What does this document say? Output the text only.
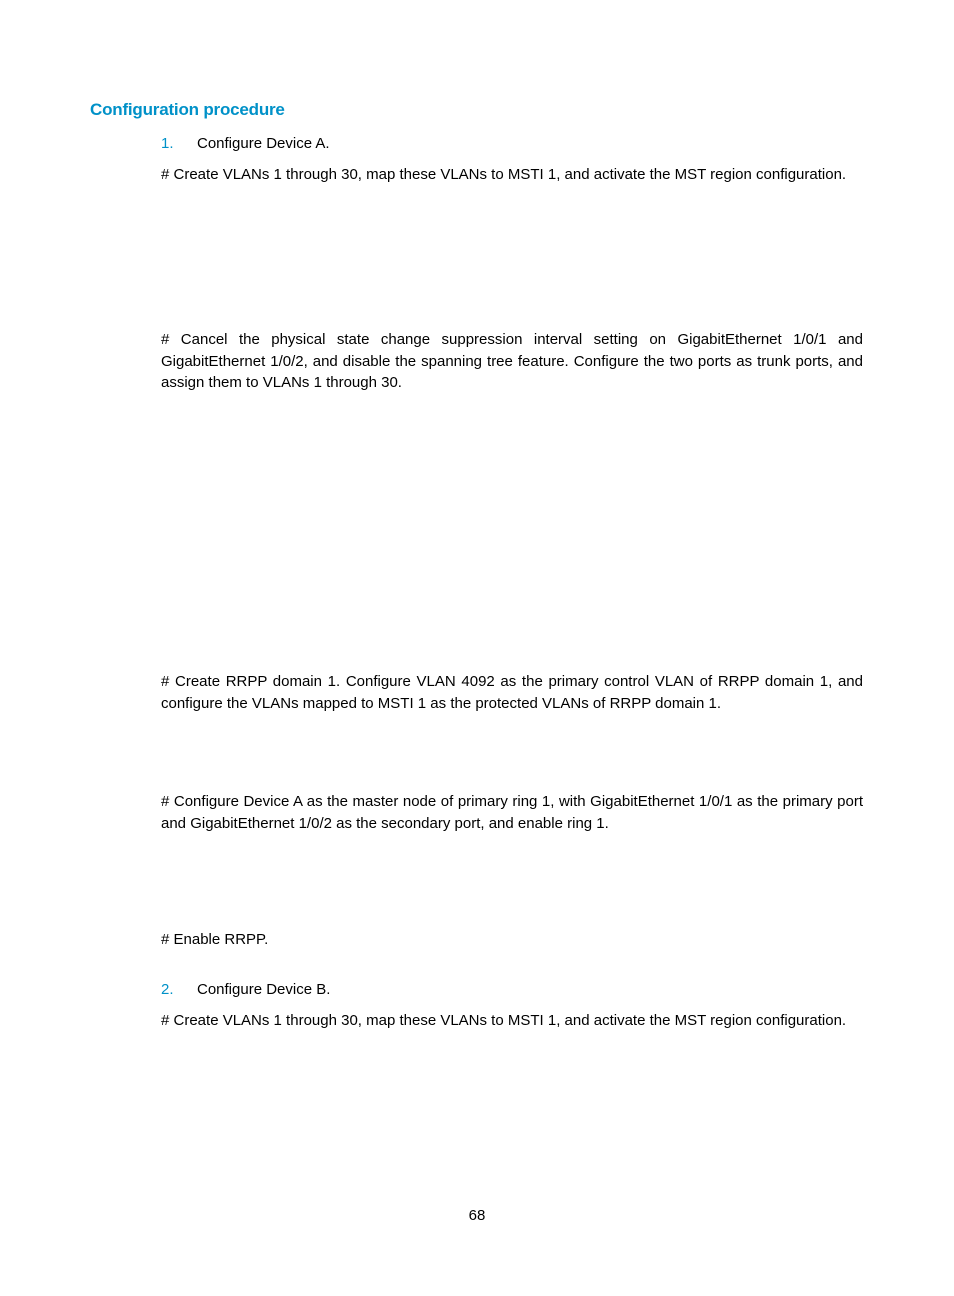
Configuration procedure
1. Configure Device A.

# Create VLANs 1 through 30, map these VLANs to MSTI 1, and activate the MST region configuration.

# Cancel the physical state change suppression interval setting on GigabitEthernet 1/0/1 and GigabitEthernet 1/0/2, and disable the spanning tree feature. Configure the two ports as trunk ports, and assign them to VLANs 1 through 30.

# Create RRPP domain 1. Configure VLAN 4092 as the primary control VLAN of RRPP domain 1, and configure the VLANs mapped to MSTI 1 as the protected VLANs of RRPP domain 1.

# Configure Device A as the master node of primary ring 1, with GigabitEthernet 1/0/1 as the primary port and GigabitEthernet 1/0/2 as the secondary port, and enable ring 1.

# Enable RRPP.

2. Configure Device B.

# Create VLANs 1 through 30, map these VLANs to MSTI 1, and activate the MST region configuration.

68
